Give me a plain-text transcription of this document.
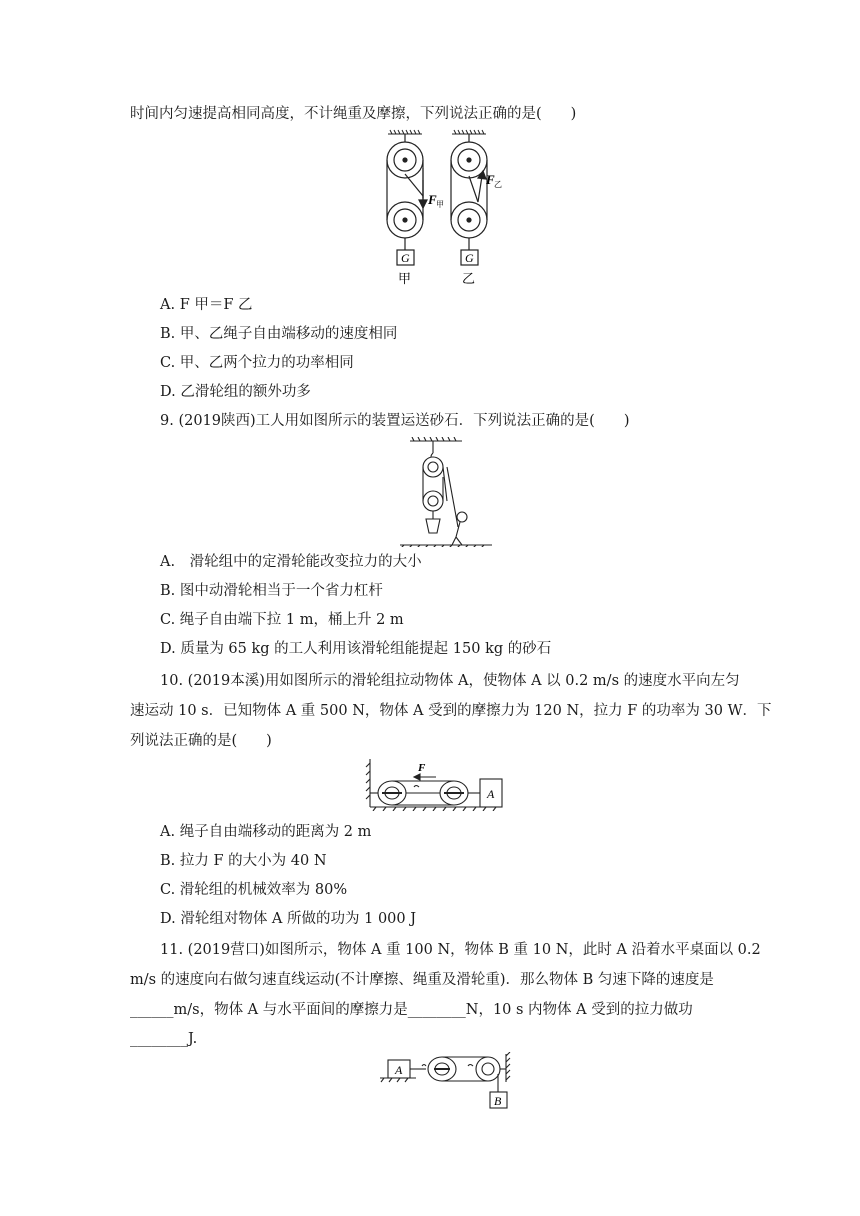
时间内匀速提高相同高度，不计绳重及摩擦，下列说法正确的是(　　)
F 甲
G
甲
F 乙
G
乙
A. F 甲＝F 乙
B. 甲、乙绳子自由端移动的速度相同
C. 甲、乙两个拉力的功率相同
D. 乙滑轮组的额外功多
9. (2019陕西)工人用如图所示的装置运送砂石．下列说法正确的是(　　)
A.　滑轮组中的定滑轮能改变拉力的大小
B. 图中动滑轮相当于一个省力杠杆
C. 绳子自由端下拉 1 m，桶上升 2 m
D. 质量为 65 kg 的工人利用该滑轮组能提起 150 kg 的砂石
10. (2019本溪)用如图所示的滑轮组拉动物体 A，使物体 A 以 0.2 m/s 的速度水平向左匀
速运动 10 s．已知物体 A 重 500 N，物体 A 受到的摩擦力为 120 N，拉力 F 的功率为 30 W．下
列说法正确的是(　　)
F
A
A. 绳子自由端移动的距离为 2 m
B. 拉力 F 的大小为 40 N
C. 滑轮组的机械效率为 80%
D. 滑轮组对物体 A 所做的功为 1 000 J
11. (2019营口)如图所示，物体 A 重 100 N，物体 B 重 10 N，此时 A 沿着水平桌面以 0.2
m/s 的速度向右做匀速直线运动(不计摩擦、绳重及滑轮重)．那么物体 B 匀速下降的速度是
______m/s，物体 A 与水平面间的摩擦力是________N，10 s 内物体 A 受到的拉力做功
________J.
A
B
